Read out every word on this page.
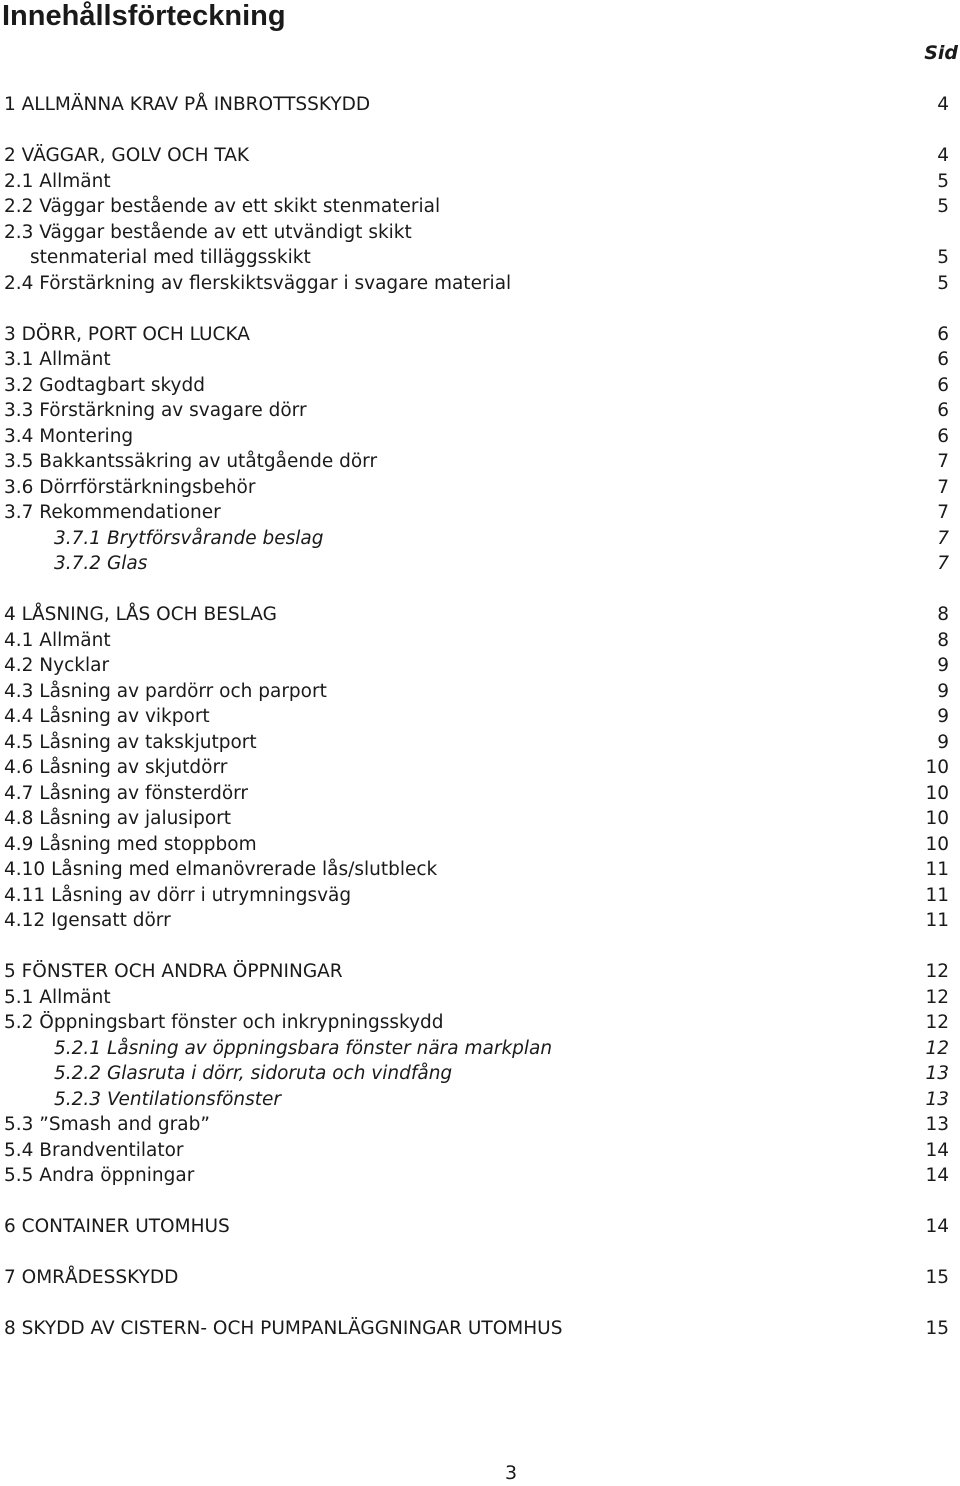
Innehållsförteckning
Sid
1 ALLMÄNNA KRAV PÅ INBROTTSSKYDD	4
2 VÄGGAR, GOLV OCH TAK	4
2.1 Allmänt	5
2.2 Väggar bestående av ett skikt stenmaterial	5
2.3 Väggar bestående av ett utvändigt skikt
stenmaterial med tilläggsskikt	5
2.4 Förstärkning av flerskiktsväggar i svagare material	5
3 DÖRR, PORT OCH LUCKA	6
3.1 Allmänt	6
3.2 Godtagbart skydd	6
3.3 Förstärkning av svagare dörr	6
3.4 Montering	6
3.5 Bakkantssäkring av utåtgående dörr	7
3.6 Dörrförstärkningsbehör	7
3.7 Rekommendationer	7
3.7.1 Brytförsvårande beslag	7
3.7.2 Glas	7
4 LÅSNING, LÅS OCH BESLAG	8
4.1 Allmänt	8
4.2 Nycklar	9
4.3 Låsning av pardörr och parport	9
4.4 Låsning av vikport	9
4.5 Låsning av takskjutport	9
4.6 Låsning av skjutdörr	10
4.7 Låsning av fönsterdörr	10
4.8 Låsning av jalusiport	10
4.9 Låsning med stoppbom	10
4.10 Låsning med elmanövrerade lås/slutbleck	11
4.11 Låsning av dörr i utrymningsväg	11
4.12 Igensatt dörr	11
5 FÖNSTER OCH ANDRA ÖPPNINGAR	12
5.1 Allmänt	12
5.2 Öppningsbart fönster och inkrypningsskydd	12
5.2.1 Låsning av öppningsbara fönster nära markplan	12
5.2.2 Glasruta i dörr, sidoruta och vindfång	13
5.2.3 Ventilationsfönster	13
5.3 ”Smash and grab”	13
5.4 Brandventilator	14
5.5 Andra öppningar	14
6 CONTAINER UTOMHUS	14
7 OMRÅDESSKYDD	15
8 SKYDD AV CISTERN- OCH PUMPANLÄGGNINGAR UTOMHUS	15
3
